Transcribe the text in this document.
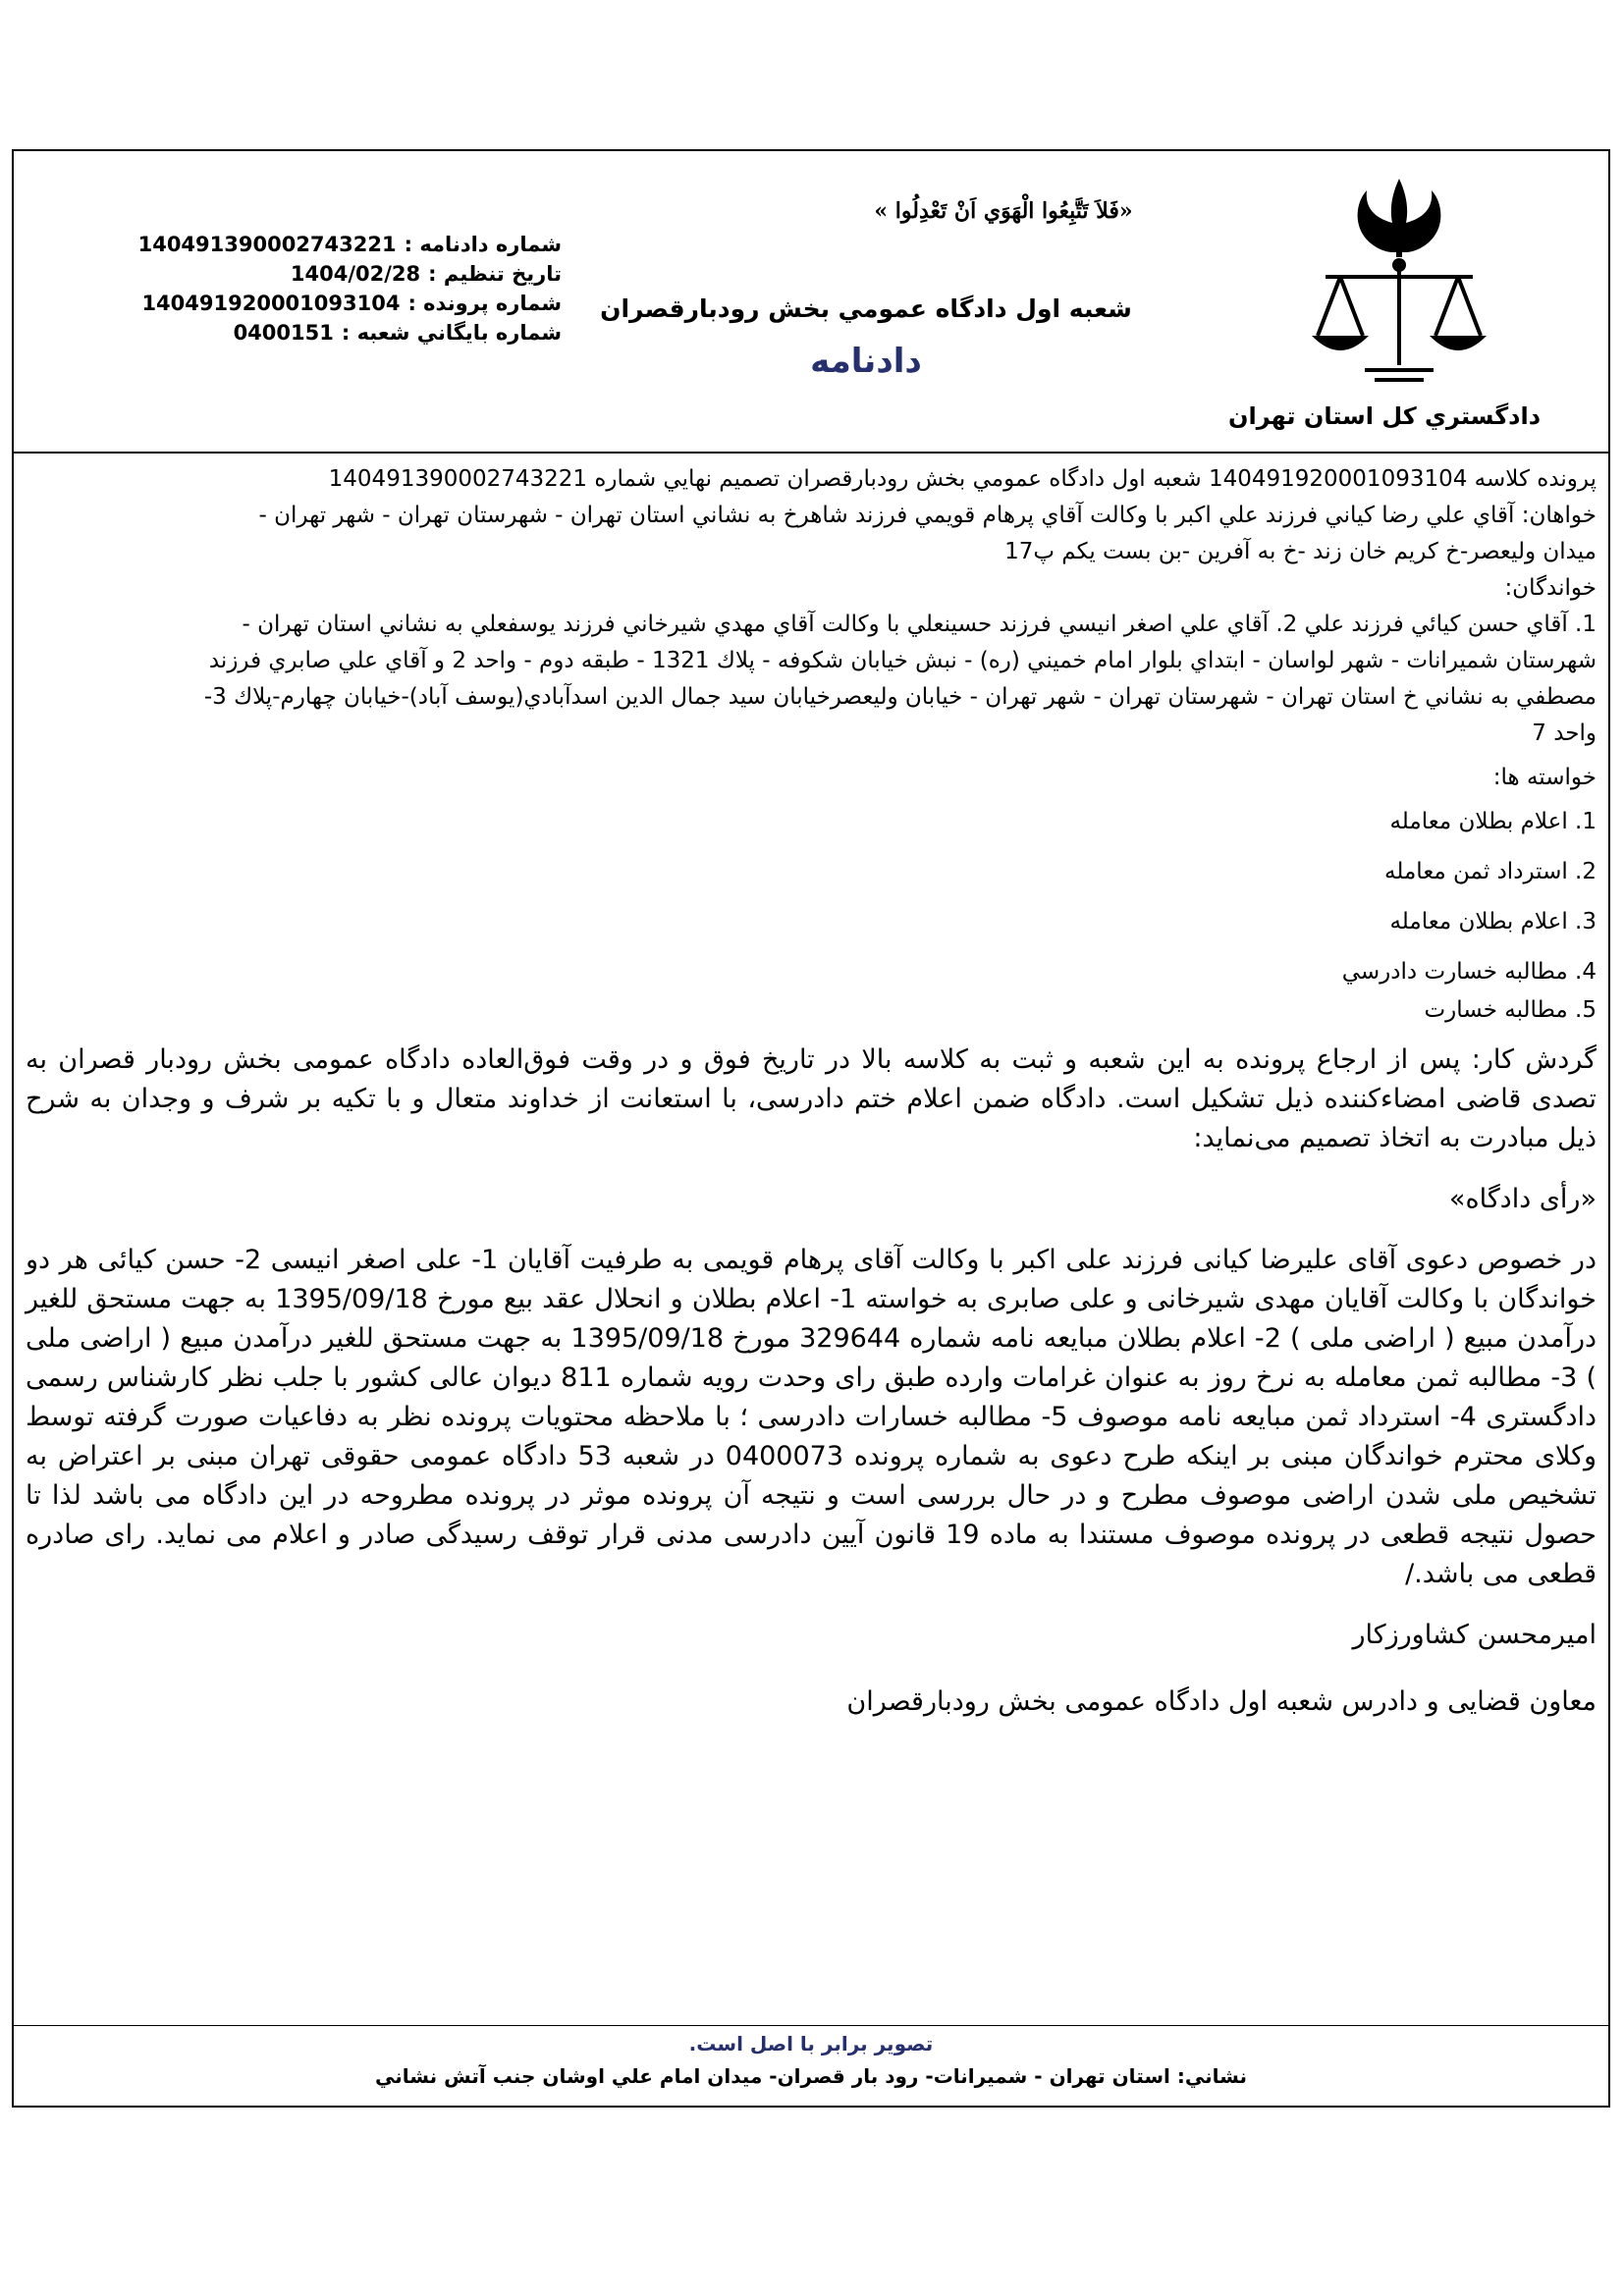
دادگستري كل استان تهران
«فَلاَ تَتَّبِعُوا الْهَوَي اَنْ تَعْدِلُوا »
شعبه اول دادگاه عمومي بخش رودبارقصران
دادنامه
شماره دادنامه :
140491390002743221
تاريخ تنظيم :
1404/02/28
شماره پرونده :
140491920001093104
شماره بايگاني شعبه :
0400151
پرونده كلاسه 140491920001093104 شعبه اول دادگاه عمومي بخش رودبارقصران تصميم نهايي شماره 140491390002743221
خواهان: آقاي علي رضا كياني فرزند علي اكبر با وكالت آقاي پرهام قويمي فرزند شاهرخ به نشاني استان تهران - شهرستان تهران - شهر تهران -
ميدان وليعصر-خ كريم خان زند -خ به آفرين -بن بست يكم پ17
خواندگان:
1. آقاي حسن كيائي فرزند علي 2. آقاي علي اصغر انيسي فرزند حسينعلي با وكالت آقاي مهدي شيرخاني فرزند يوسفعلي به نشاني استان تهران -
شهرستان شميرانات - شهر لواسان - ابتداي بلوار امام خميني (ره) - نبش خيابان شكوفه - پلاك 1321 - طبقه دوم - واحد 2 و آقاي علي صابري فرزند
مصطفي به نشاني خ استان تهران - شهرستان تهران - شهر تهران - خيابان وليعصرخيابان سيد جمال الدين اسدآبادي(يوسف آباد)-خيابان چهارم-پلاك 3-
واحد 7
خواسته ها:
1. اعلام بطلان معامله
2. استرداد ثمن معامله
3. اعلام بطلان معامله
4. مطالبه خسارت دادرسي
5. مطالبه خسارت
گردش کار: پس از ارجاع پرونده به این شعبه و ثبت به کلاسه بالا در تاریخ فوق و در وقت فوق‌العاده دادگاه عمومی بخش رودبار قصران به تصدی قاضی امضاءکننده ذیل تشکیل است. دادگاه ضمن اعلام ختم دادرسی، با استعانت از خداوند متعال و با تکیه بر شرف و وجدان به شرح ذیل مبادرت به اتخاذ تصمیم می‌نماید:
«رأی دادگاه»
در خصوص دعوی آقای علیرضا کیانی فرزند علی اکبر با وکالت آقای پرهام قویمی به طرفیت آقایان 1- علی اصغر انیسی 2- حسن کیائی هر دو خواندگان با وکالت آقایان مهدی شیرخانی و علی صابری به خواسته 1- اعلام بطلان و انحلال عقد بیع مورخ 1395/09/18 به جهت مستحق للغیر درآمدن مبیع ( اراضی ملی ) 2- اعلام بطلان مبایعه نامه شماره 329644 مورخ 1395/09/18 به جهت مستحق للغیر درآمدن مبیع ( اراضی ملی ) 3- مطالبه ثمن معامله به نرخ روز به عنوان غرامات وارده طبق رای وحدت رویه شماره 811 دیوان عالی کشور با جلب نظر کارشناس رسمی دادگستری 4- استرداد ثمن مبایعه نامه موصوف 5- مطالبه خسارات دادرسی ؛ با ملاحظه محتویات پرونده نظر به دفاعیات صورت گرفته توسط وکلای محترم خواندگان مبنی بر اینکه طرح دعوی به شماره پرونده 0400073 در شعبه 53 دادگاه عمومی حقوقی تهران مبنی بر اعتراض به تشخیص ملی شدن اراضی موصوف مطرح و در حال بررسی است و نتیجه آن پرونده موثر در پرونده مطروحه در این دادگاه می باشد لذا تا حصول نتیجه قطعی در پرونده موصوف مستندا به ماده 19 قانون آیین دادرسی مدنی قرار توقف رسیدگی صادر و اعلام می نماید. رای صادره قطعی می باشد./
امیرمحسن کشاورزکار
معاون قضایی و دادرس شعبه اول دادگاه عمومی بخش رودبارقصران
تصوير برابر با اصل است.
نشاني: استان تهران - شميرانات- رود بار قصران- ميدان امام علي اوشان جنب آتش نشاني
